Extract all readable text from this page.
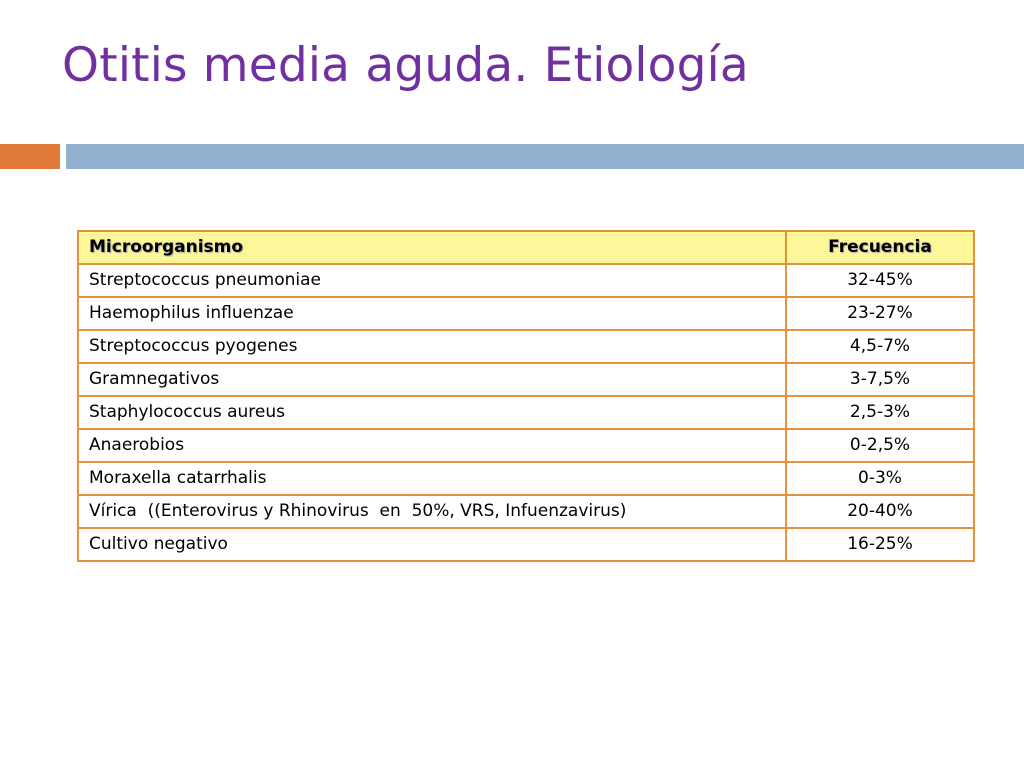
Otitis media aguda. Etiología
Microorganismo	Frecuencia
Streptococcus pneumoniae	32-45%
Haemophilus influenzae	23-27%
Streptococcus pyogenes	4,5-7%
Gramnegativos	3-7,5%
Staphylococcus aureus	2,5-3%
Anaerobios	0-2,5%
Moraxella catarrhalis	0-3%
Vírica  ((Enterovirus y Rhinovirus  en  50%, VRS, Infuenzavirus)	20-40%
Cultivo negativo	16-25%
